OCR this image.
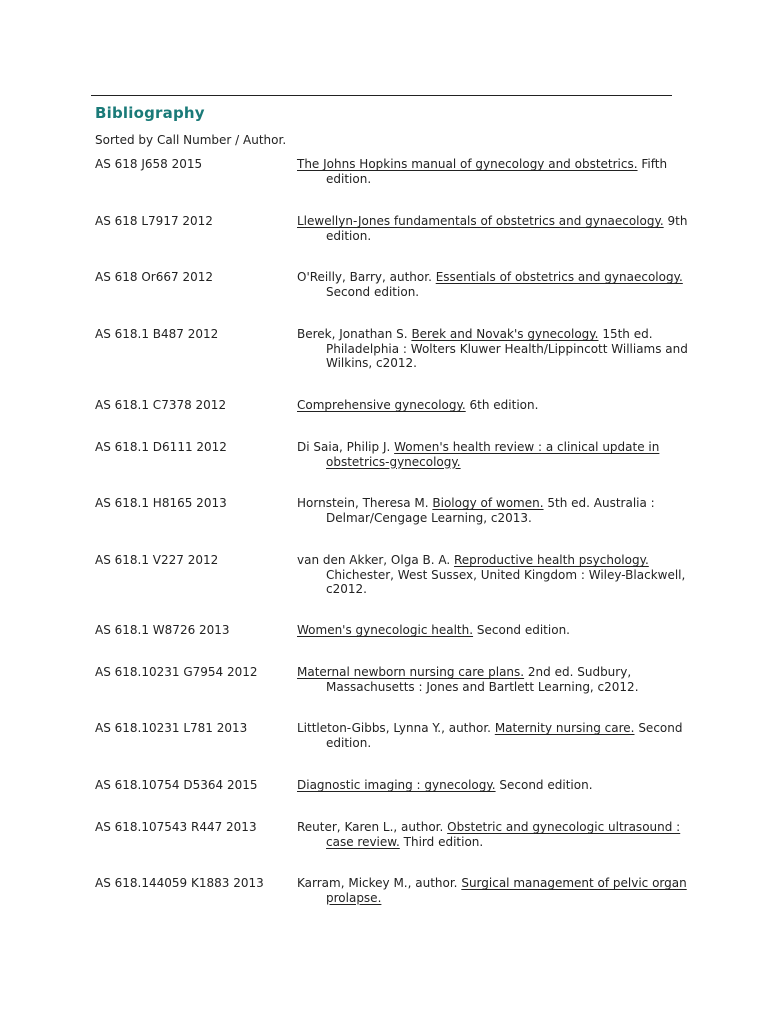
Bibliography

Sorted by Call Number / Author.

AS 618 J658 2015	The Johns Hopkins manual of gynecology and obstetrics. Fifth edition.
AS 618 L7917 2012	Llewellyn-Jones fundamentals of obstetrics and gynaecology. 9th edition.
AS 618 Or667 2012	O'Reilly, Barry, author. Essentials of obstetrics and gynaecology. Second edition.
AS 618.1 B487 2012	Berek, Jonathan S. Berek and Novak's gynecology. 15th ed. Philadelphia : Wolters Kluwer Health/Lippincott Williams and Wilkins, c2012.
AS 618.1 C7378 2012	Comprehensive gynecology. 6th edition.
AS 618.1 D6111 2012	Di Saia, Philip J. Women's health review : a clinical update in obstetrics-gynecology.
AS 618.1 H8165 2013	Hornstein, Theresa M. Biology of women. 5th ed. Australia : Delmar/Cengage Learning, c2013.
AS 618.1 V227 2012	van den Akker, Olga B. A. Reproductive health psychology. Chichester, West Sussex, United Kingdom : Wiley-Blackwell, c2012.
AS 618.1 W8726 2013	Women's gynecologic health. Second edition.
AS 618.10231 G7954 2012	Maternal newborn nursing care plans. 2nd ed. Sudbury, Massachusetts : Jones and Bartlett Learning, c2012.
AS 618.10231 L781 2013	Littleton-Gibbs, Lynna Y., author. Maternity nursing care. Second edition.
AS 618.10754 D5364 2015	Diagnostic imaging : gynecology. Second edition.
AS 618.107543 R447 2013	Reuter, Karen L., author. Obstetric and gynecologic ultrasound : case review. Third edition.
AS 618.144059 K1883 2013	Karram, Mickey M., author. Surgical management of pelvic organ prolapse.
